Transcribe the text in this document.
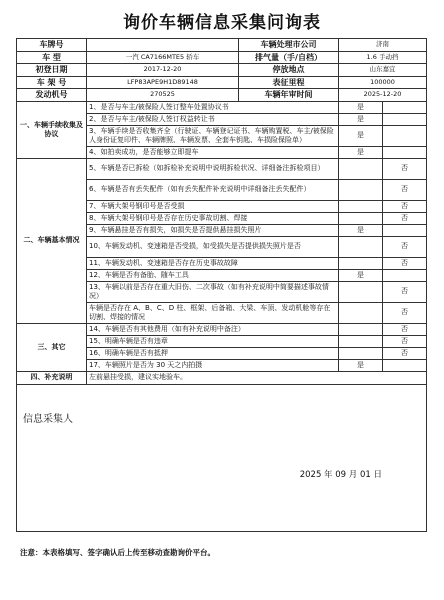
询价车辆信息采集问询表
车牌号		车辆处理市公司	济南	
车 型	一汽 CA7166MTE5 轿车	排气量（手/自档）	1.6 手动挡	
初登日期	2017-12-20	停放地点	山东嘉宜	
车 架 号	LFP83APE9H1D89148	表征里程	100000	
发动机号	270525	车辆年审时间	2025-12-20	
一、车辆手续收集及协议	1、是否与车主/被保险人签订整车处置协议书		是	
	2、是否与车主/被保险人签订权益转让书		是	
	3、车辆手续是否收集齐全（行驶证、车辆登记证书、车辆购置税、车主/被保险人身份证复印件、车辆牌照、车辆发票、全套车钥匙、车损险保险单）		是	
	4、如拍卖成功，是否能够立即提车		是	
二、车辆基本情况	5、车辆是否已拆检（如拆检补充说明中说明拆检状况、详细备注拆检项目）			否
	6、车辆是否有丢失配件（如有丢失配件补充说明中详细备注丢失配件）			否
	7、车辆大架号钢印号是否受损			否
	8、车辆大架号钢印号是否存在历史事故切割、焊接			否
	9、车辆悬挂是否有损失，如损失是否提供悬挂损失照片		是	
	10、车辆发动机、变速箱是否受损，如受损失是否提供损失照片是否			否
	11、车辆发动机、变速箱是否存在历史事故故障			否
	12、车辆是否有备胎、随车工具		是	
	13、车辆以前是否存在重大旧伤、二次事故（如有补充说明中简要描述事故情况）			否
	车辆是否存在 A、B、C、D 柱、框架、后备箱、大梁、车顶、发动机舱等存在切割、焊接的情况			否
三、其它	14、车辆是否有其他费用（如有补充说明中备注）			否
	15、明确车辆是否有违章			否
	16、明确车辆是否有抵押			否
	17、车辆照片是否为 30 天之内拍摄		是	
四、补充说明	左前悬挂受损，建议实地验车。			

信息采集人
2025 年 09 月 01 日				
注意：本表格填写、签字确认后上传至移动查勘询价平台。
